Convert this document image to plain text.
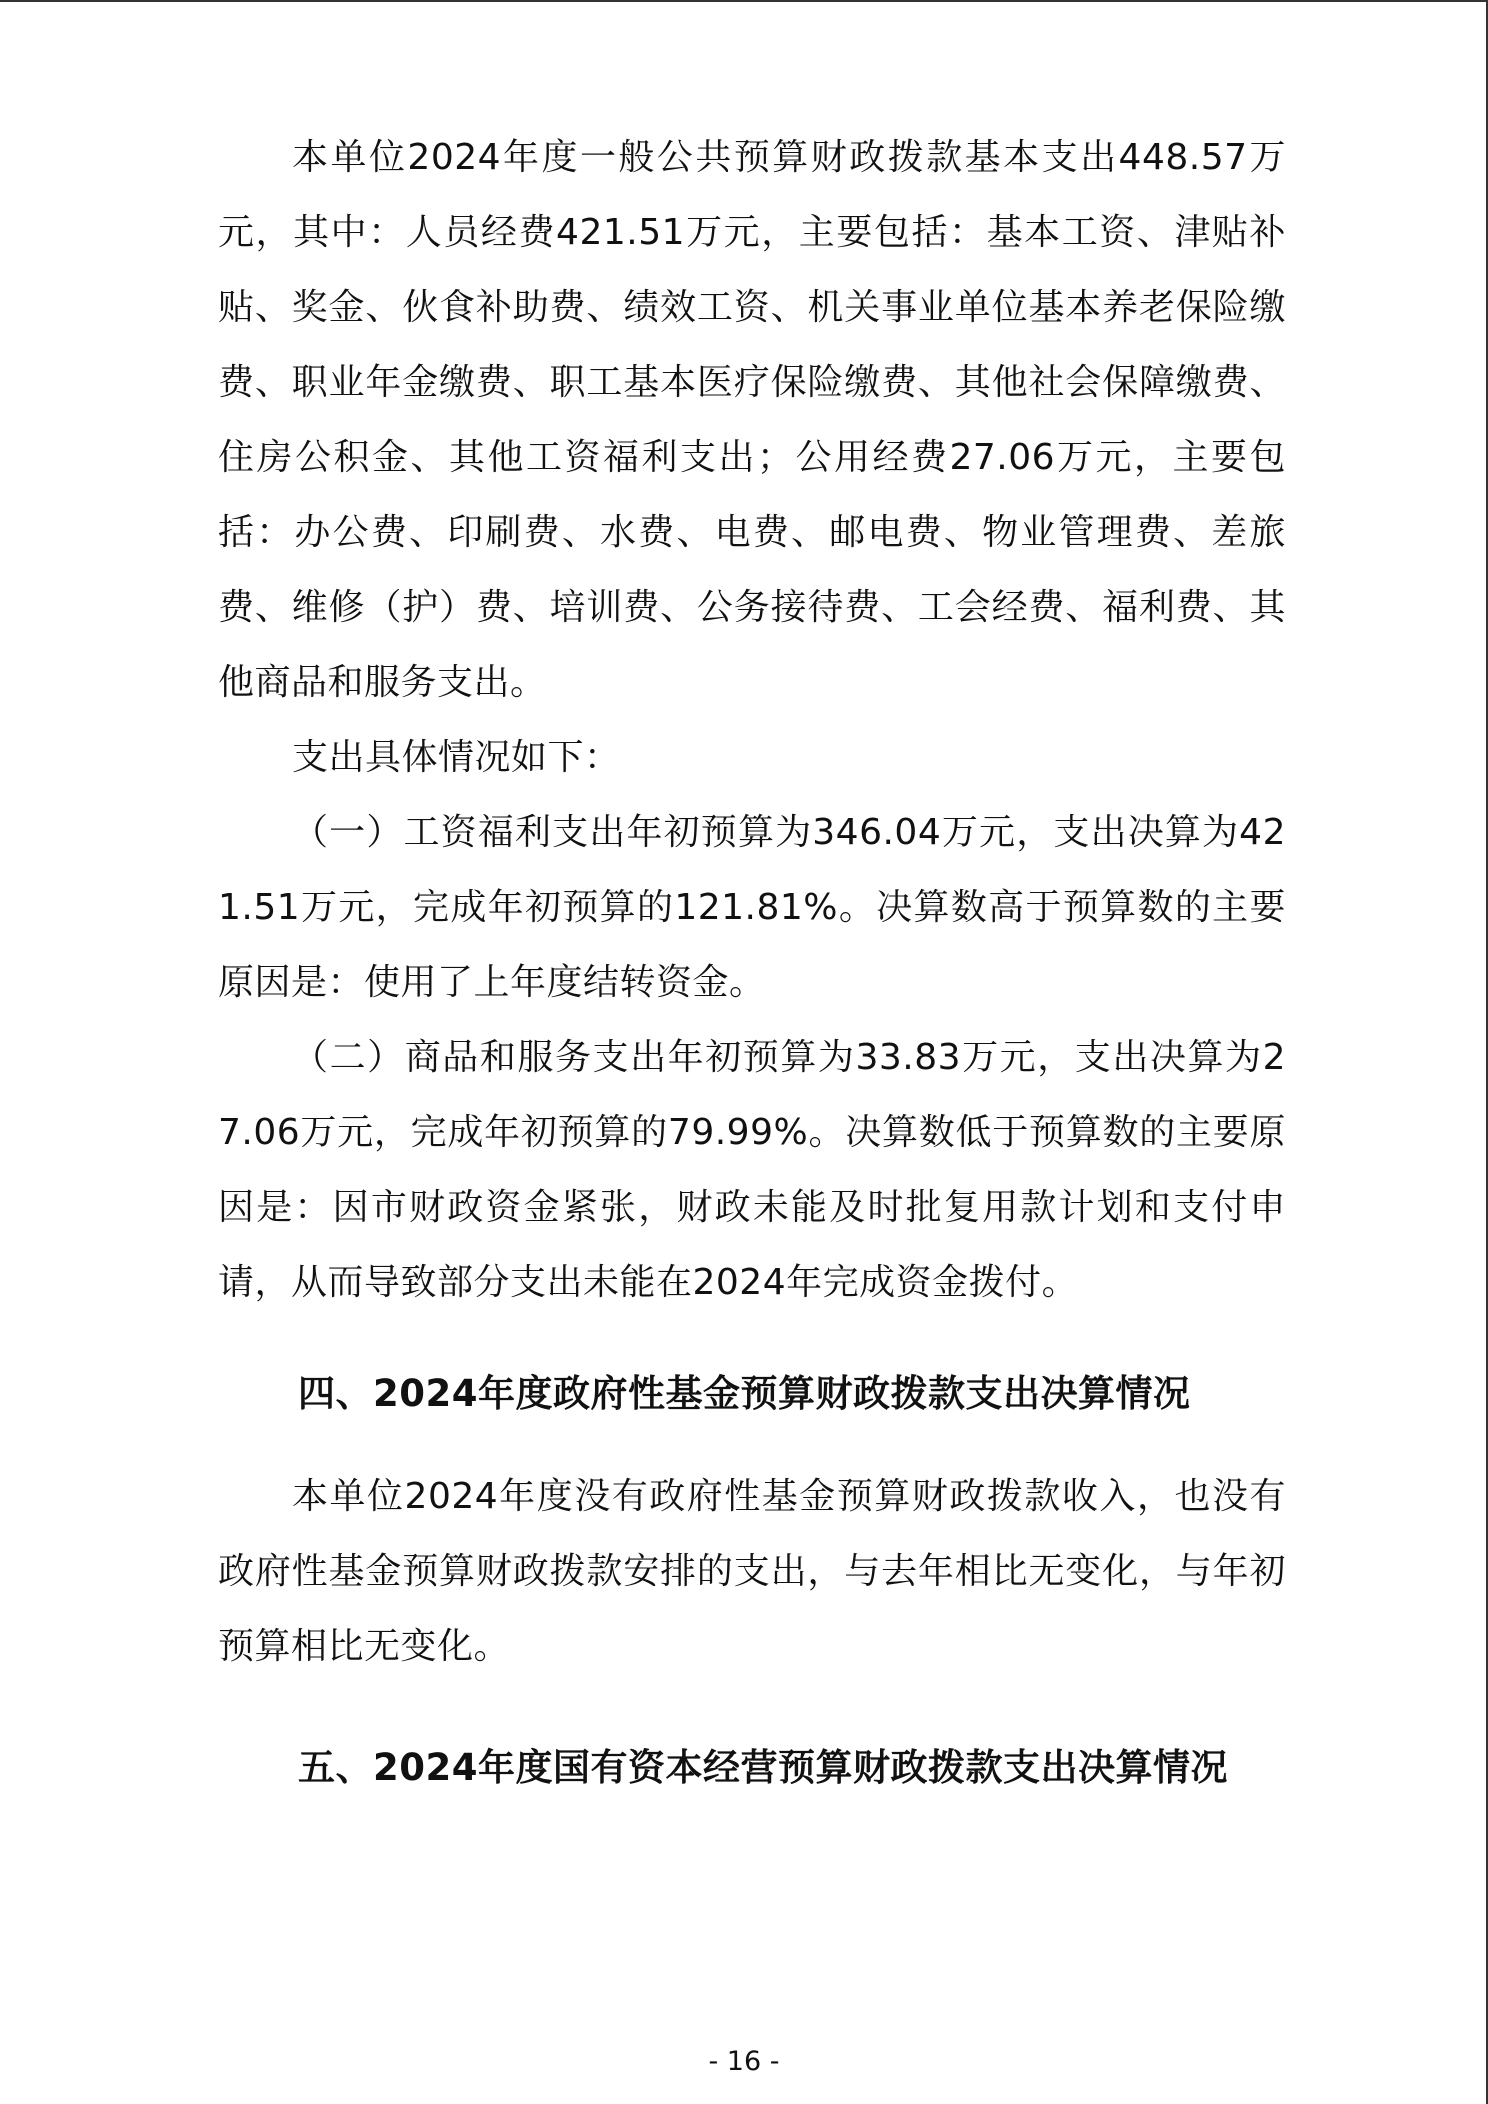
本单位2024年度一般公共预算财政拨款基本支出448.57万元，其中：人员经费421.51万元，主要包括：基本工资、津贴补贴、奖金、伙食补助费、绩效工资、机关事业单位基本养老保险缴费、职业年金缴费、职工基本医疗保险缴费、其他社会保障缴费、住房公积金、其他工资福利支出；公用经费27.06万元，主要包括：办公费、印刷费、水费、电费、邮电费、物业管理费、差旅费、维修（护）费、培训费、公务接待费、工会经费、福利费、其他商品和服务支出。

支出具体情况如下：

（一）工资福利支出年初预算为346.04万元，支出决算为421.51万元，完成年初预算的121.81%。决算数高于预算数的主要原因是：使用了上年度结转资金。

（二）商品和服务支出年初预算为33.83万元，支出决算为27.06万元，完成年初预算的79.99%。决算数低于预算数的主要原因是：因市财政资金紧张，财政未能及时批复用款计划和支付申请，从而导致部分支出未能在2024年完成资金拨付。

四、2024年度政府性基金预算财政拨款支出决算情况

本单位2024年度没有政府性基金预算财政拨款收入，也没有政府性基金预算财政拨款安排的支出，与去年相比无变化，与年初预算相比无变化。

五、2024年度国有资本经营预算财政拨款支出决算情况
- 16 -
